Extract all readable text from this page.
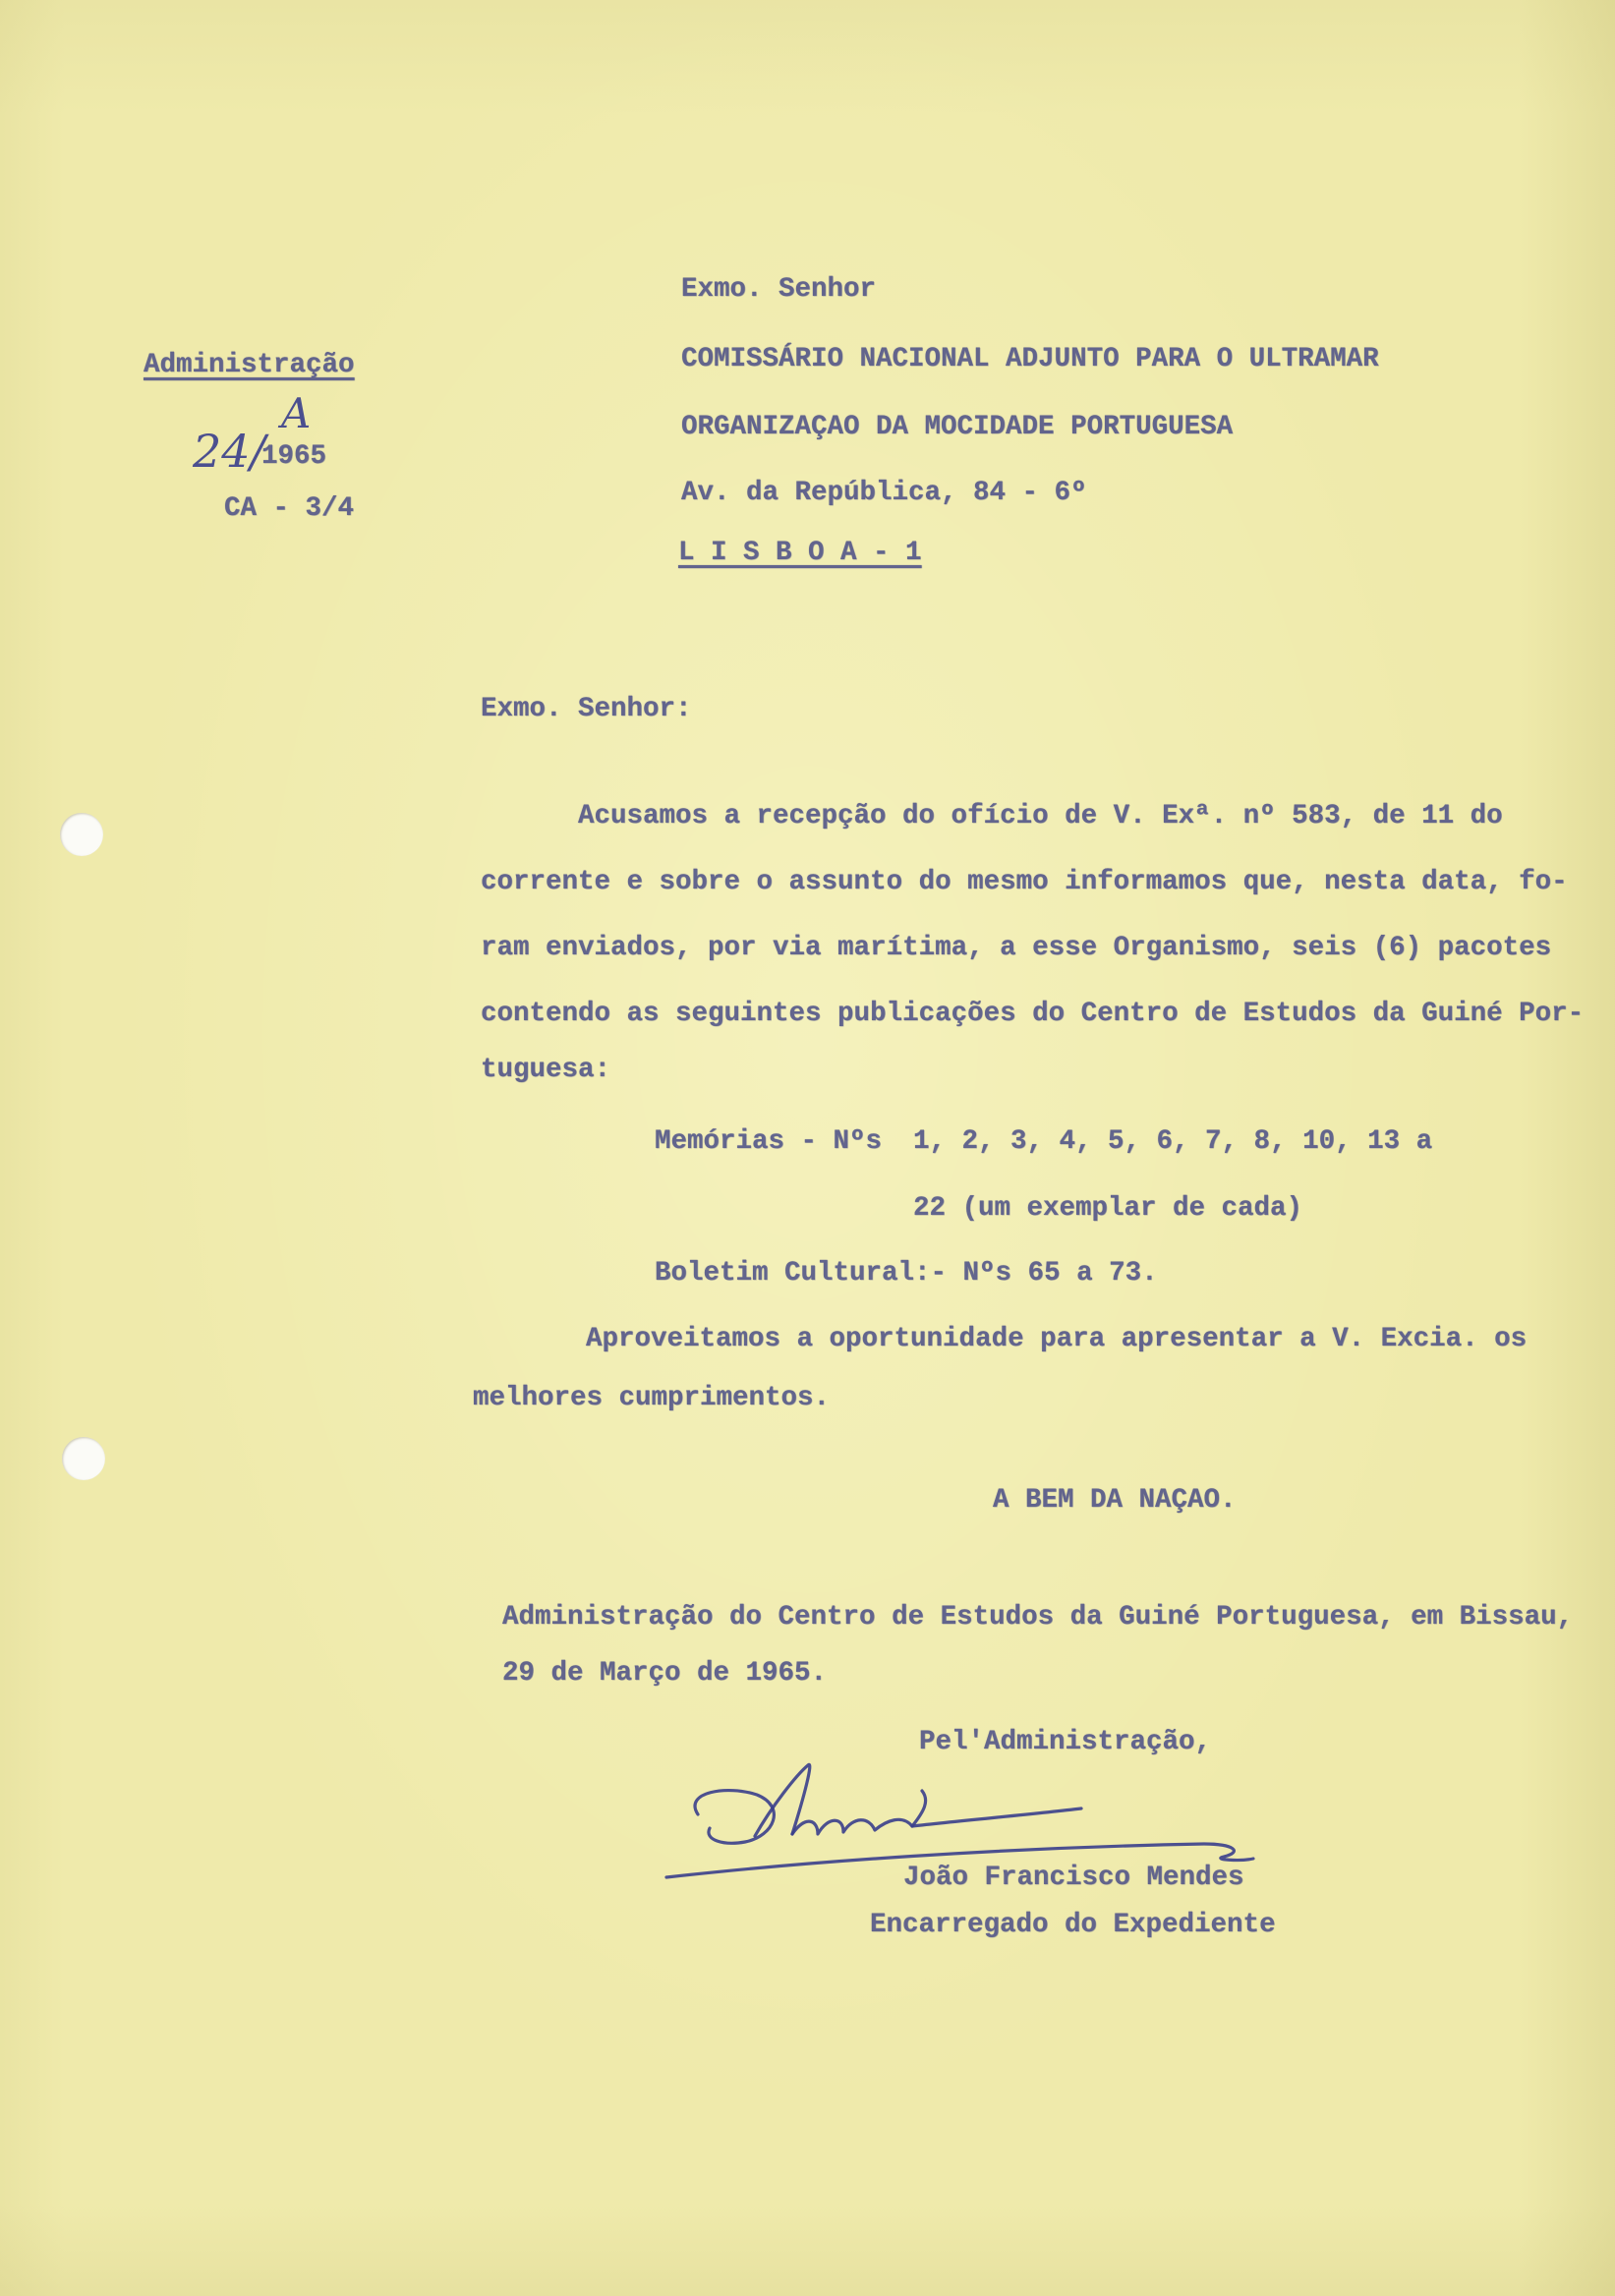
Administração
24/
A
1965
CA - 3/4
Exmo. Senhor
COMISSÁRIO NACIONAL ADJUNTO PARA O ULTRAMAR
ORGANIZAÇAO DA MOCIDADE PORTUGUESA
Av. da República, 84 - 6º
L I S B O A - 1
Exmo. Senhor:
Acusamos a recepção do ofício de V. Exª. nº 583, de 11 do
corrente e sobre o assunto do mesmo informamos que, nesta data, fo-
ram enviados, por via marítima, a esse Organismo, seis (6) pacotes
contendo as seguintes publicações do Centro de Estudos da Guiné Por-
tuguesa:
Memórias - Nºs 1, 2, 3, 4, 5, 6, 7, 8, 10, 13 a
22 (um exemplar de cada)
Boletim Cultural:- Nºs 65 a 73.
Aproveitamos a oportunidade para apresentar a V. Excia. os
melhores cumprimentos.
A BEM DA NAÇAO.
Administração do Centro de Estudos da Guiné Portuguesa, em Bissau,
29 de Março de 1965.
Pel'Administração,
João Francisco Mendes
Encarregado do Expediente
